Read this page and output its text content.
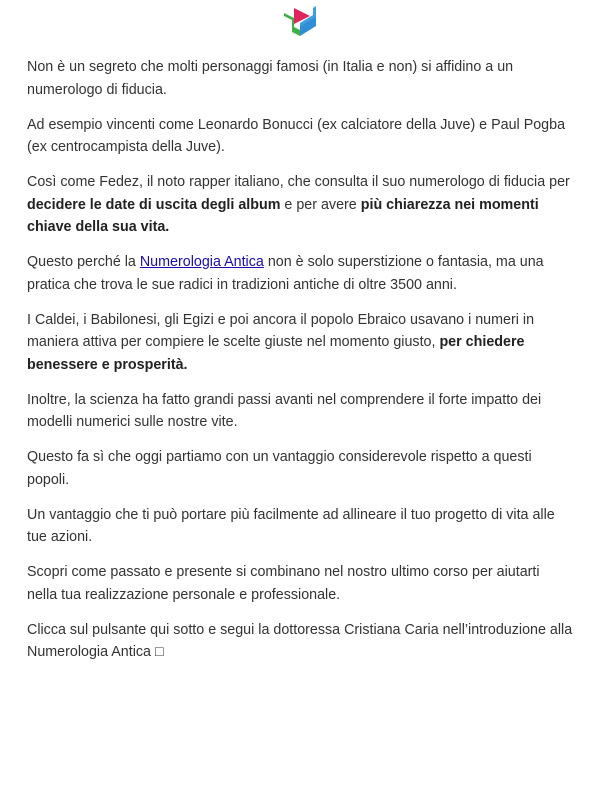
Non è un segreto che molti personaggi famosi (in Italia e non) si affidino a un numerologo di fiducia.

Ad esempio vincenti come Leonardo Bonucci (ex calciatore della Juve) e Paul Pogba (ex centrocampista della Juve).

Così come Fedez, il noto rapper italiano, che consulta il suo numerologo di fiducia per decidere le date di uscita degli album e per avere più chiarezza nei momenti chiave della sua vita.

Questo perché la Numerologia Antica non è solo superstizione o fantasia, ma una pratica che trova le sue radici in tradizioni antiche di oltre 3500 anni.

I Caldei, i Babilonesi, gli Egizi e poi ancora il popolo Ebraico usavano i numeri in maniera attiva per compiere le scelte giuste nel momento giusto, per chiedere benessere e prosperità.

Inoltre, la scienza ha fatto grandi passi avanti nel comprendere il forte impatto dei modelli numerici sulle nostre vite.

Questo fa sì che oggi partiamo con un vantaggio considerevole rispetto a questi popoli.

Un vantaggio che ti può portare più facilmente ad allineare il tuo progetto di vita alle tue azioni.

Scopri come passato e presente si combinano nel nostro ultimo corso per aiutarti nella tua realizzazione personale e professionale.

Clicca sul pulsante qui sotto e segui la dottoressa Cristiana Caria nell’introduzione alla Numerologia Antica □
